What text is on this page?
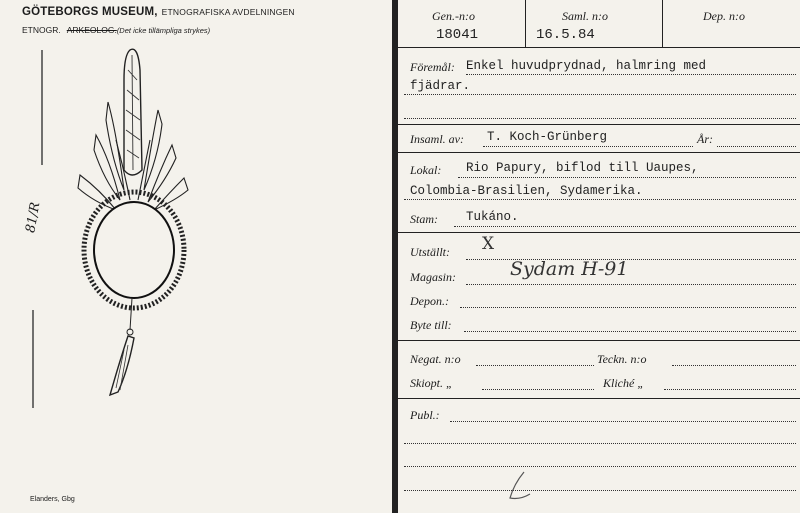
GÖTEBORGS MUSEUM, ETNOGRAFISKA AVDELNINGEN
ETNOGR. ARKEOLOG.(Det icke tillämpliga strykes)
81/R
Elanders, Gbg
Gen.-n:o
18041
Saml. n:o
16.5.84
Dep. n:o
Föremål: Enkel huvudprydnad, halmring med
fjädrar.
Insaml. av: T. Koch-Grünberg	År:
Lokal: Rio Papury, biflod till Uaupes,
Colombia-Brasilien, Sydamerika.
Stam: Tukáno.
Utställt: X
Magasin:	Sydam H-91
Depon.:
Byte till:
Negat. n:o	Teckn. n:o
Skiopt. „	Kliché „
Publ.:
